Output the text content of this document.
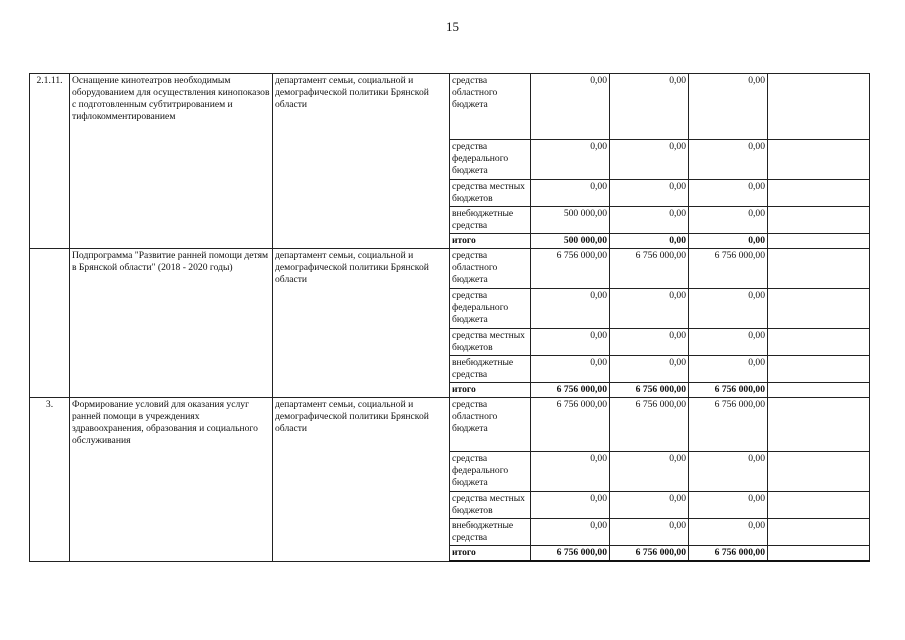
15
2.1.11.	Оснащение кинотеатров необходимым оборудованием для осуществления кинопоказов с подготовленным субтитрированием и тифлокомментированием	департамент семьи, социальной и демографической политики Брянской области	средства областного бюджета	0,00	0,00	0,00	
			средства федерального бюджета	0,00	0,00	0,00	
			средства местных бюджетов	0,00	0,00	0,00	
			внебюджетные средства	500 000,00	0,00	0,00	
			итого	500 000,00	0,00	0,00	
	Подпрограмма "Развитие ранней помощи детям в Брянской области" (2018 - 2020 годы)	департамент семьи, социальной и демографической политики Брянской области	средства областного бюджета	6 756 000,00	6 756 000,00	6 756 000,00	
			средства федерального бюджета	0,00	0,00	0,00	
			средства местных бюджетов	0,00	0,00	0,00	
			внебюджетные средства	0,00	0,00	0,00	
			итого	6 756 000,00	6 756 000,00	6 756 000,00	
3.	Формирование условий для оказания услуг ранней помощи в учреждениях здравоохранения, образования и социального обслуживания	департамент семьи, социальной и демографической политики Брянской области	средства областного бюджета	6 756 000,00	6 756 000,00	6 756 000,00	
			средства федерального бюджета	0,00	0,00	0,00	
			средства местных бюджетов	0,00	0,00	0,00	
			внебюджетные средства	0,00	0,00	0,00	
			итого	6 756 000,00	6 756 000,00	6 756 000,00	
